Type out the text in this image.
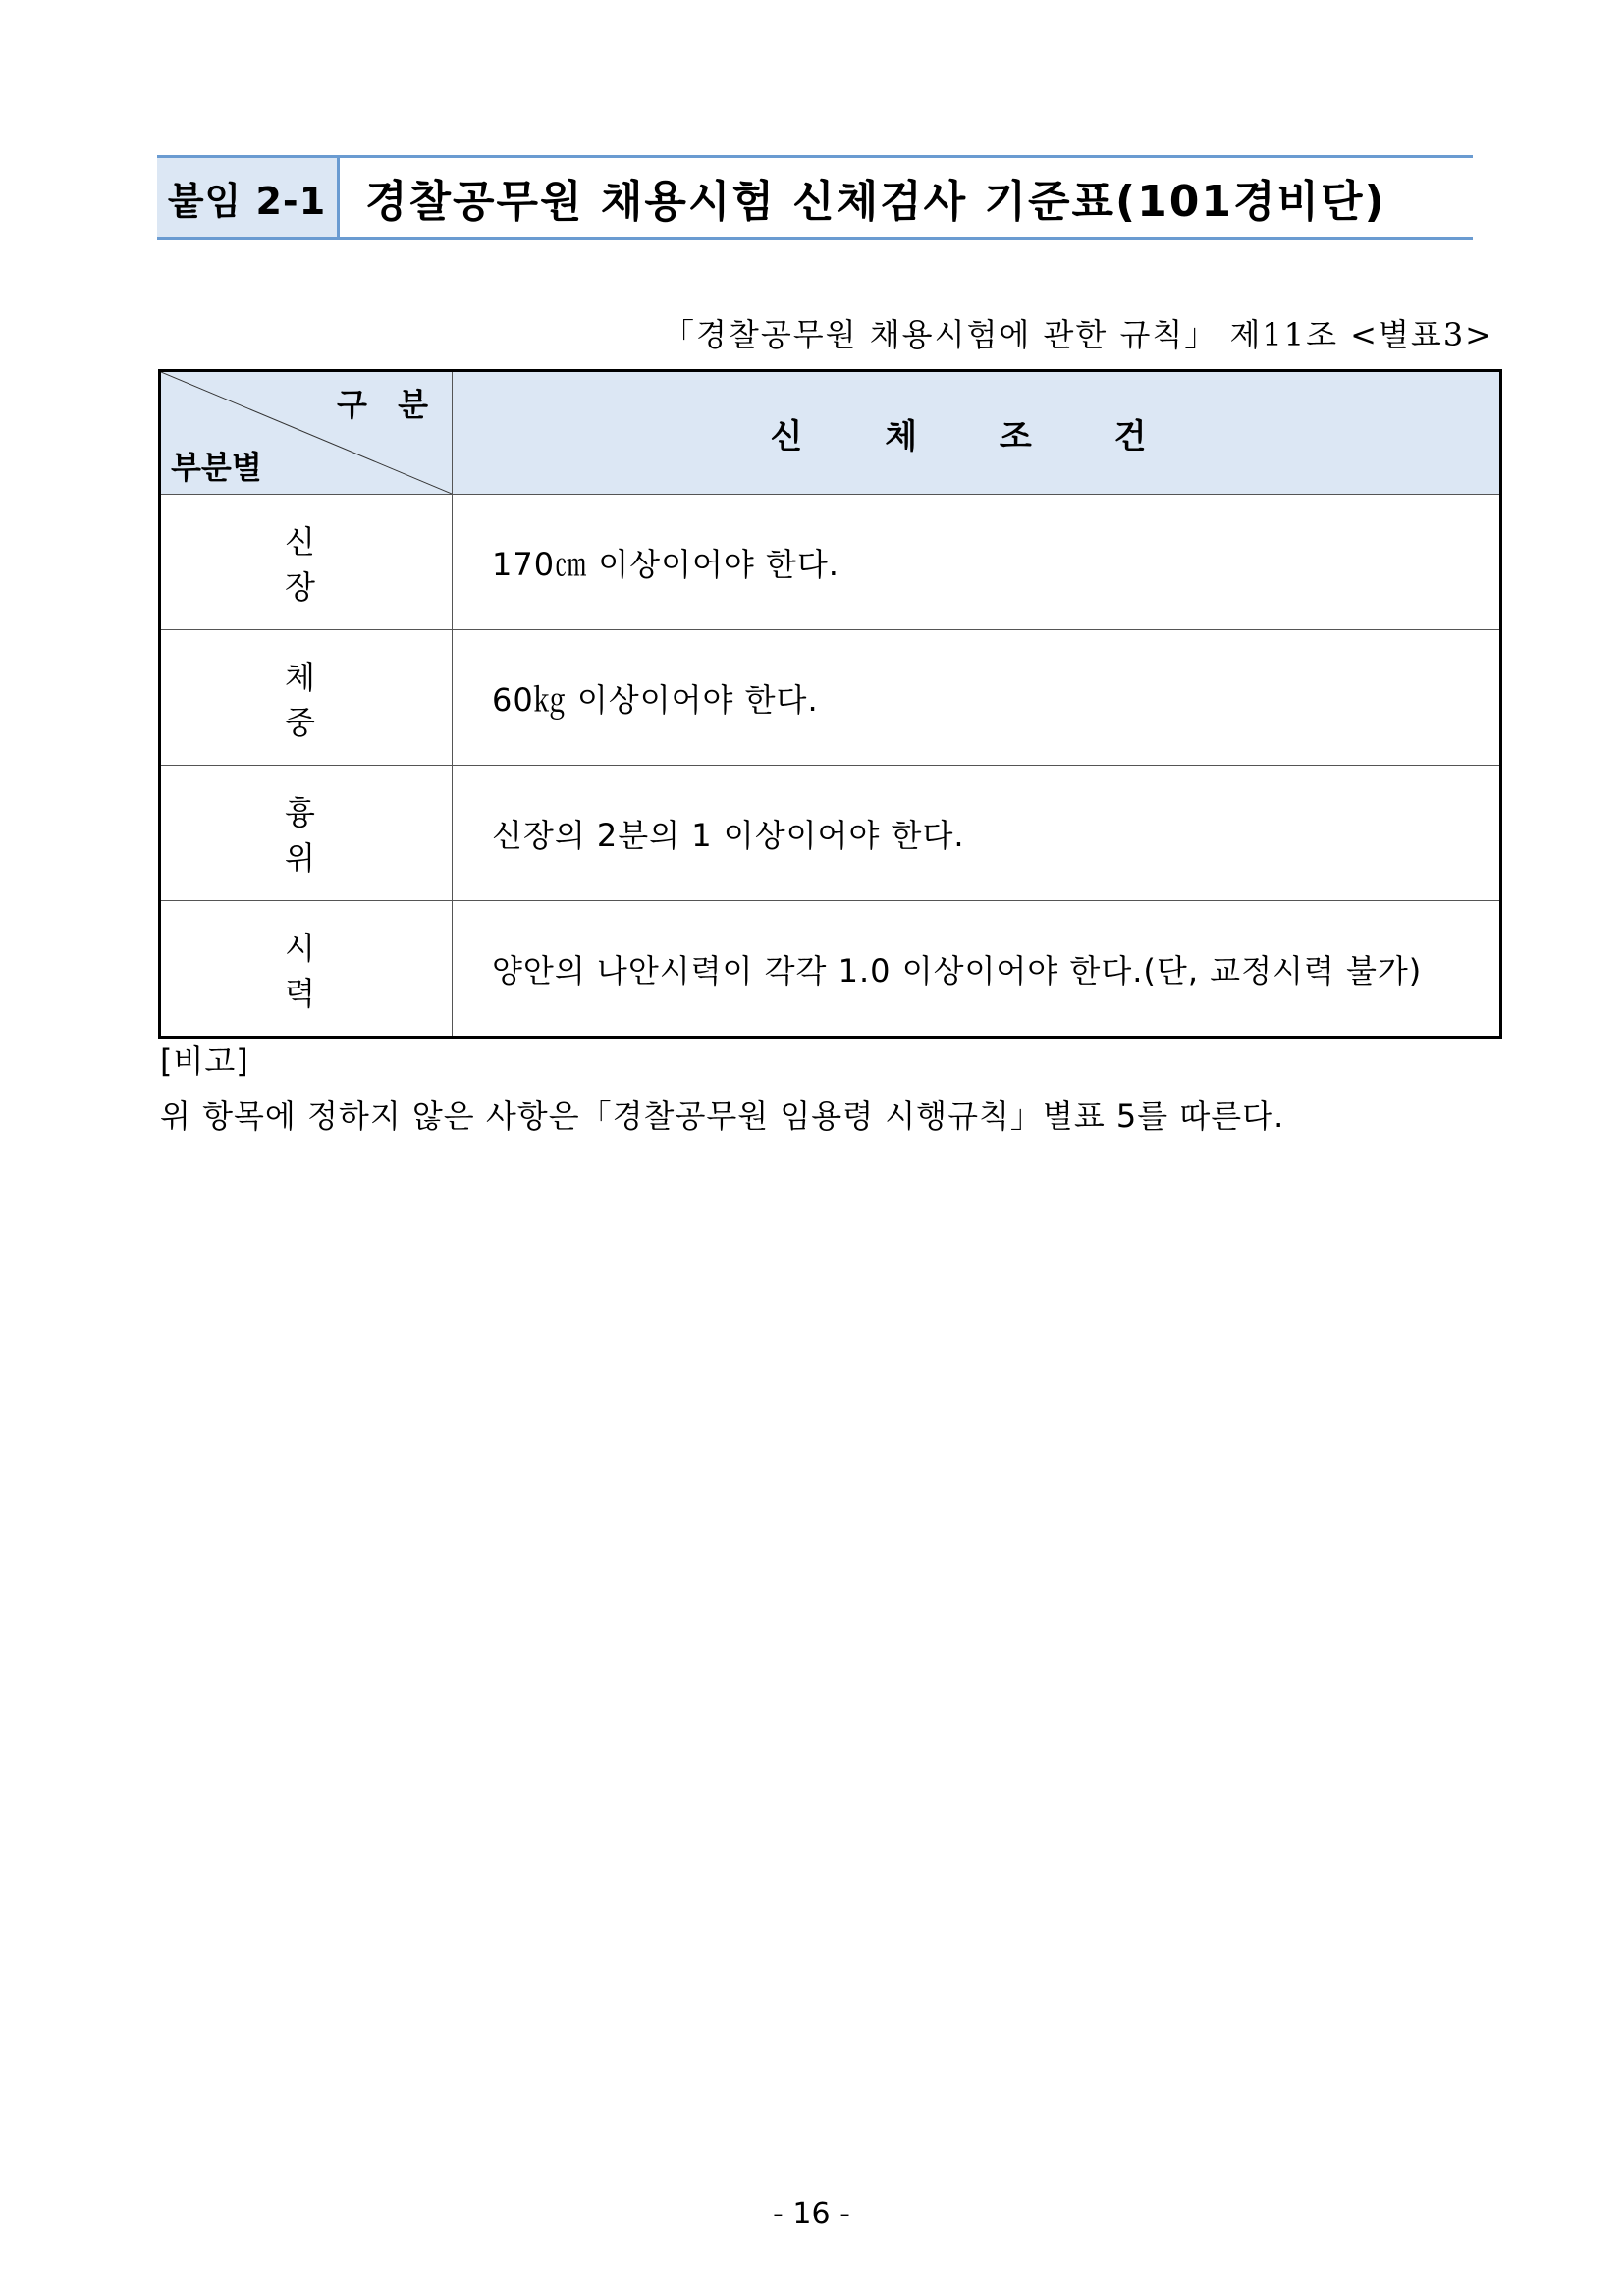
붙임 2-1 경찰공무원 채용시험 신체검사 기준표(101경비단)
「경찰공무원 채용시험에 관한 규칙」 제11조 <별표3>
구 분
부분별	신 체 조 건
신 장	170㎝ 이상이어야 한다.
체 중	60㎏ 이상이어야 한다.
흉 위	신장의 2분의 1 이상이어야 한다.
시 력	양안의 나안시력이 각각 1.0 이상이어야 한다.(단, 교정시력 불가)
[비고]
위 항목에 정하지 않은 사항은「경찰공무원 임용령 시행규칙」별표 5를 따른다.
- 16 -
